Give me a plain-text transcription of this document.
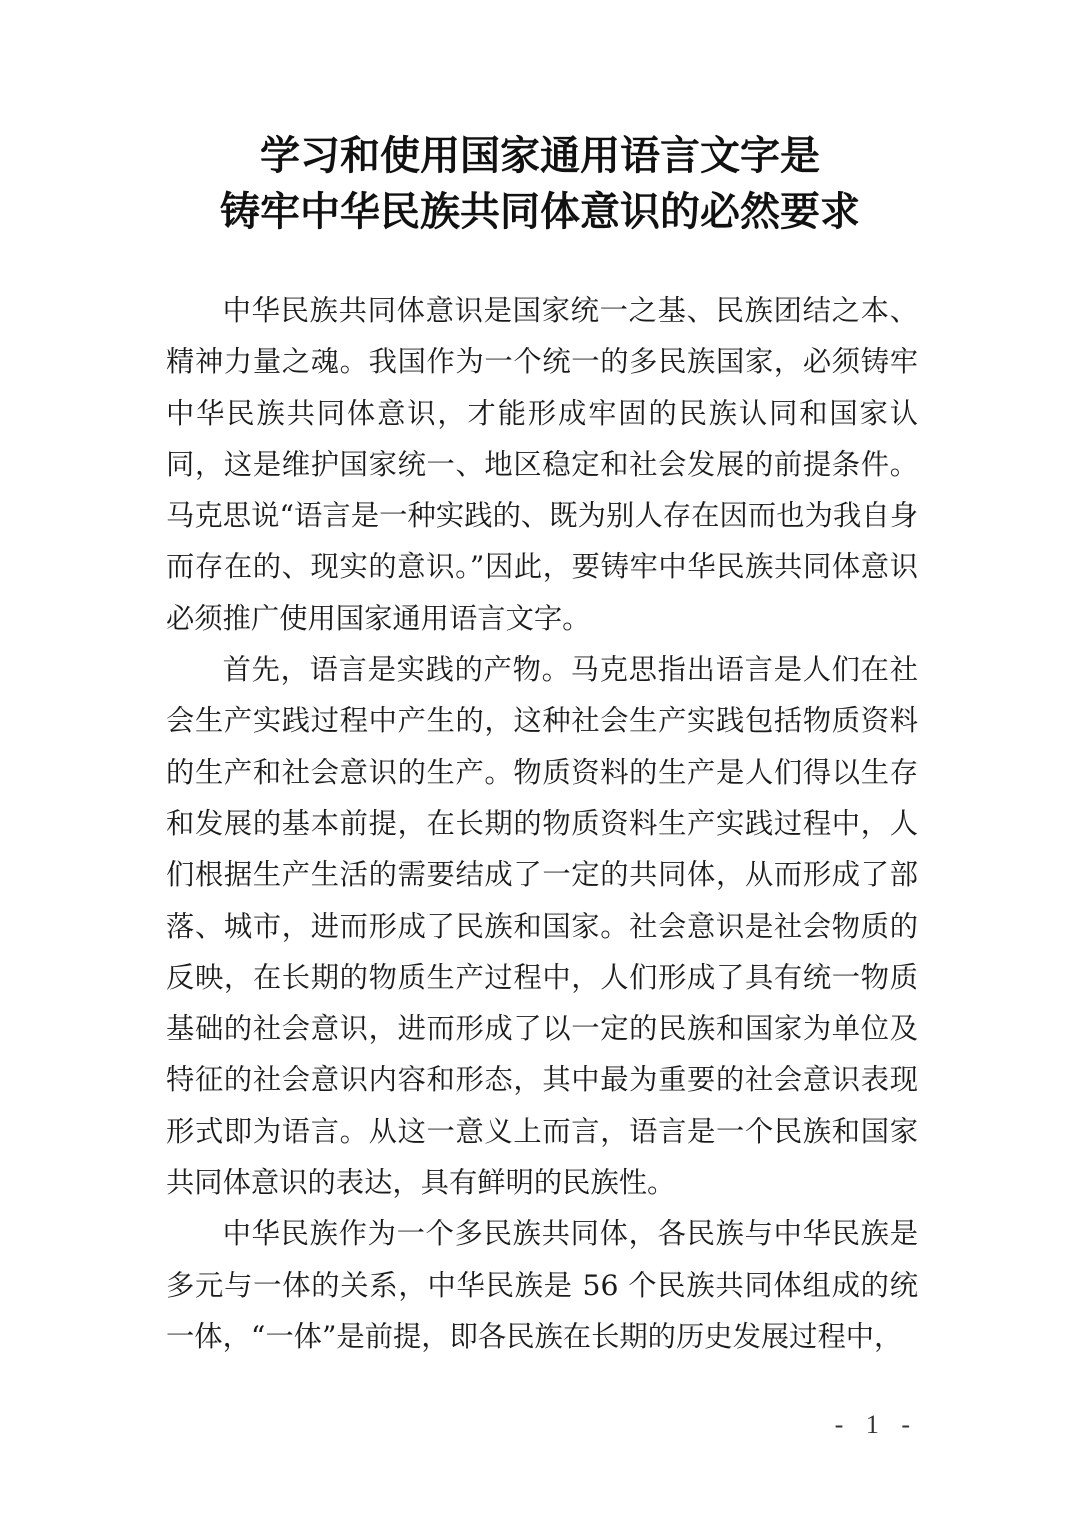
学习和使用国家通用语言文字是
铸牢中华民族共同体意识的必然要求

中华民族共同体意识是国家统一之基、民族团结之本、精神力量之魂。我国作为一个统一的多民族国家，必须铸牢中华民族共同体意识，才能形成牢固的民族认同和国家认同，这是维护国家统一、地区稳定和社会发展的前提条件。马克思说“语言是一种实践的、既为别人存在因而也为我自身而存在的、现实的意识。”因此，要铸牢中华民族共同体意识必须推广使用国家通用语言文字。

首先，语言是实践的产物。马克思指出语言是人们在社会生产实践过程中产生的，这种社会生产实践包括物质资料的生产和社会意识的生产。物质资料的生产是人们得以生存和发展的基本前提，在长期的物质资料生产实践过程中，人们根据生产生活的需要结成了一定的共同体，从而形成了部落、城市，进而形成了民族和国家。社会意识是社会物质的反映，在长期的物质生产过程中，人们形成了具有统一物质基础的社会意识，进而形成了以一定的民族和国家为单位及特征的社会意识内容和形态，其中最为重要的社会意识表现形式即为语言。从这一意义上而言，语言是一个民族和国家共同体意识的表达，具有鲜明的民族性。

中华民族作为一个多民族共同体，各民族与中华民族是多元与一体的关系，中华民族是 56 个民族共同体组成的统一体，“一体”是前提，即各民族在长期的历史发展过程中，

- 1 -
